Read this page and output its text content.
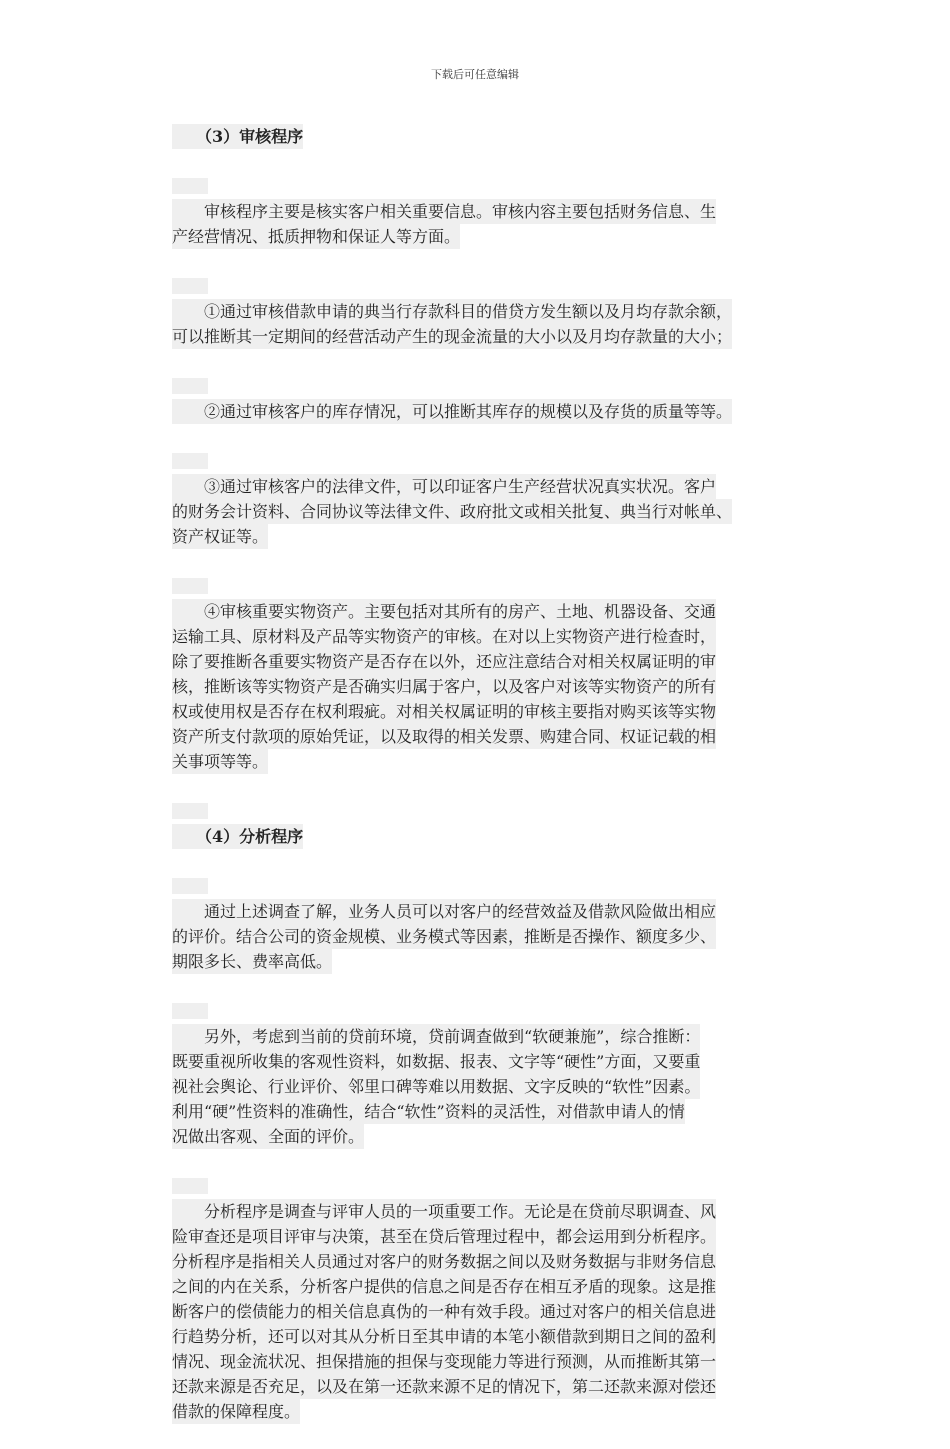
下载后可任意编辑
　　（3）审核程序
　　审核程序主要是核实客户相关重要信息。审核内容主要包括财务信息、生
产经营情况、抵质押物和保证人等方面。
　　①通过审核借款申请的典当行存款科目的借贷方发生额以及月均存款余额，
可以推断其一定期间的经营活动产生的现金流量的大小以及月均存款量的大小；
　　②通过审核客户的库存情况，可以推断其库存的规模以及存货的质量等等。
　　③通过审核客户的法律文件，可以印证客户生产经营状况真实状况。客户
的财务会计资料、合同协议等法律文件、政府批文或相关批复、典当行对帐单、
资产权证等。
　　④审核重要实物资产。主要包括对其所有的房产、土地、机器设备、交通
运输工具、原材料及产品等实物资产的审核。在对以上实物资产进行检查时，
除了要推断各重要实物资产是否存在以外，还应注意结合对相关权属证明的审
核，推断该等实物资产是否确实归属于客户，以及客户对该等实物资产的所有
权或使用权是否存在权利瑕疵。对相关权属证明的审核主要指对购买该等实物
资产所支付款项的原始凭证，以及取得的相关发票、购建合同、权证记载的相
关事项等等。
　　（4）分析程序
　　通过上述调查了解，业务人员可以对客户的经营效益及借款风险做出相应
的评价。结合公司的资金规模、业务模式等因素，推断是否操作、额度多少、
期限多长、费率高低。
　　另外，考虑到当前的贷前环境，贷前调查做到“软硬兼施”，综合推断：
既要重视所收集的客观性资料，如数据、报表、文字等“硬性”方面，又要重
视社会舆论、行业评价、邻里口碑等难以用数据、文字反映的“软性”因素。
利用“硬”性资料的准确性，结合“软性”资料的灵活性，对借款申请人的情
况做出客观、全面的评价。
　　分析程序是调查与评审人员的一项重要工作。无论是在贷前尽职调查、风
险审查还是项目评审与决策，甚至在贷后管理过程中，都会运用到分析程序。
分析程序是指相关人员通过对客户的财务数据之间以及财务数据与非财务信息
之间的内在关系，分析客户提供的信息之间是否存在相互矛盾的现象。这是推
断客户的偿债能力的相关信息真伪的一种有效手段。通过对客户的相关信息进
行趋势分析，还可以对其从分析日至其申请的本笔小额借款到期日之间的盈利
情况、现金流状况、担保措施的担保与变现能力等进行预测，从而推断其第一
还款来源是否充足，以及在第一还款来源不足的情况下，第二还款来源对偿还
借款的保障程度。
